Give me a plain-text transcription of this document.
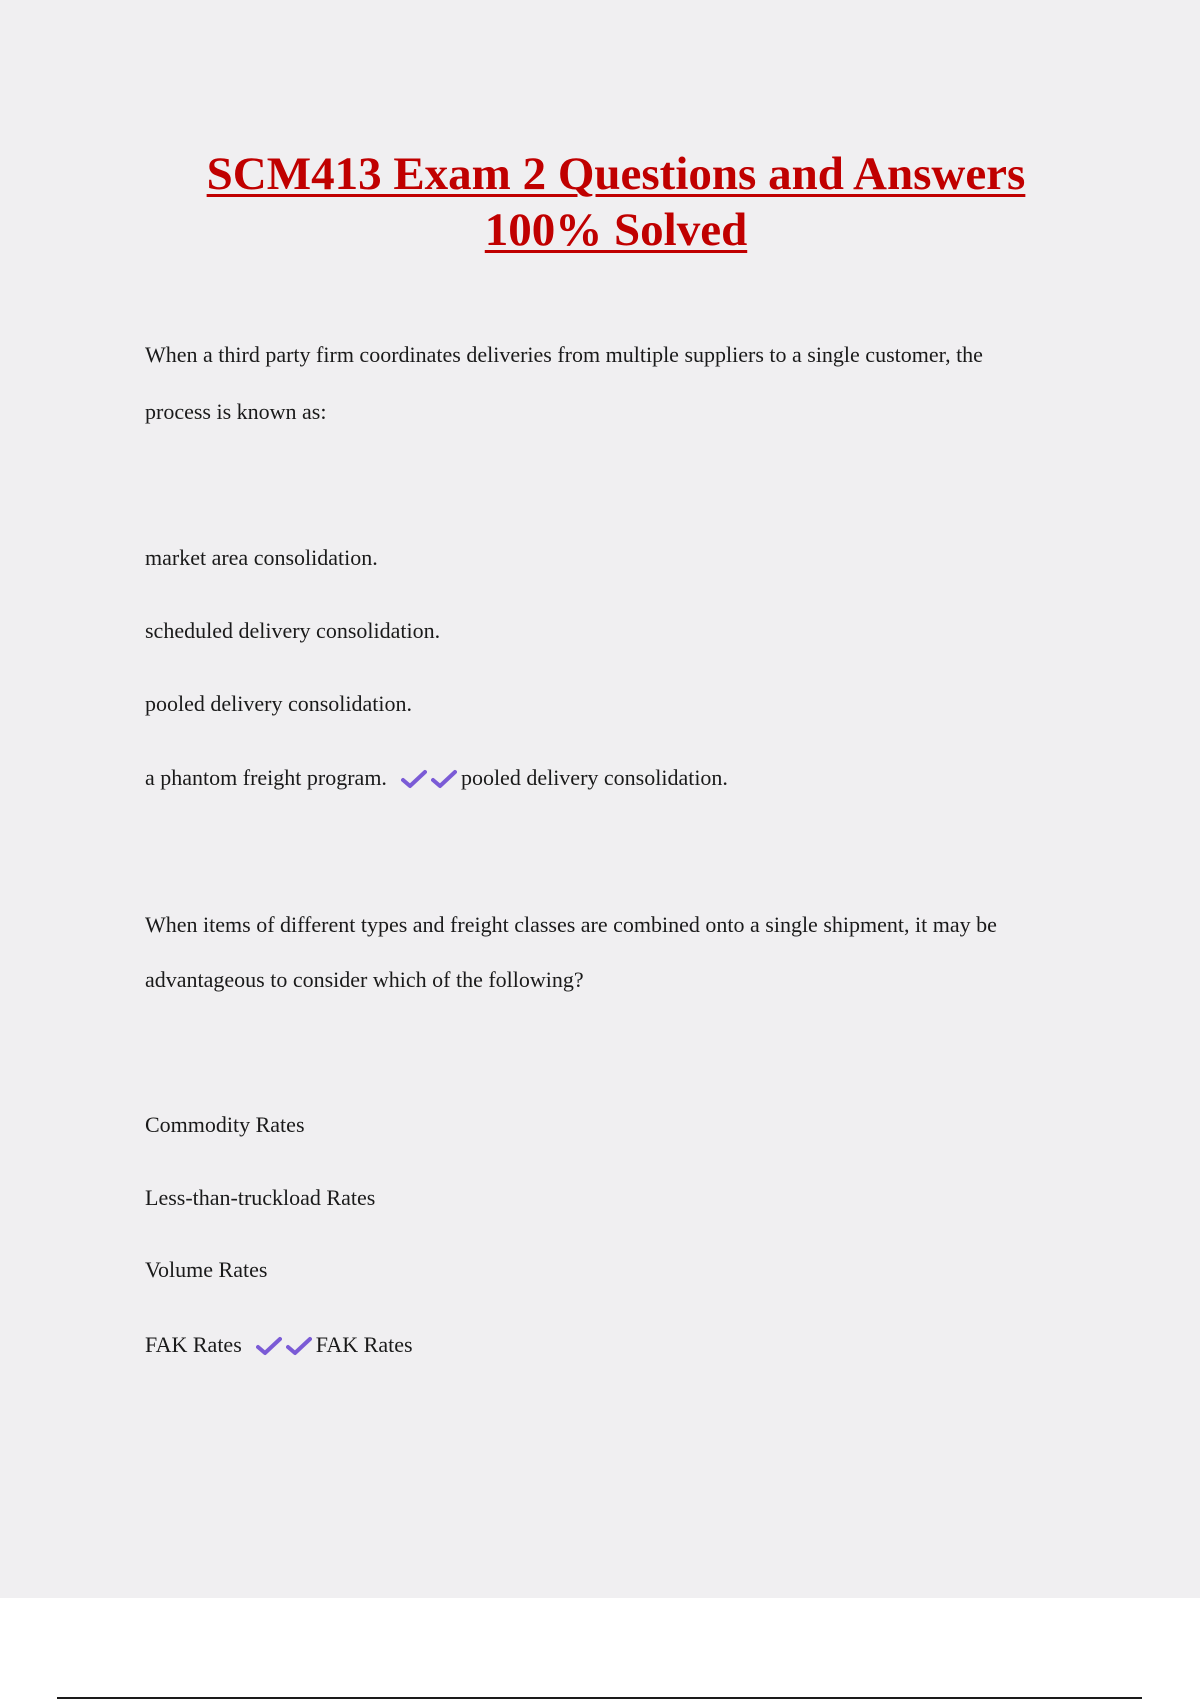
SCM413 Exam 2 Questions and Answers
100% Solved
When a third party firm coordinates deliveries from multiple suppliers to a single customer, the
process is known as:
market area consolidation.
scheduled delivery consolidation.
pooled delivery consolidation.
a phantom freight program.	pooled delivery consolidation.
When items of different types and freight classes are combined onto a single shipment, it may be
advantageous to consider which of the following?
Commodity Rates
Less-than-truckload Rates
Volume Rates
FAK Rates	FAK Rates
